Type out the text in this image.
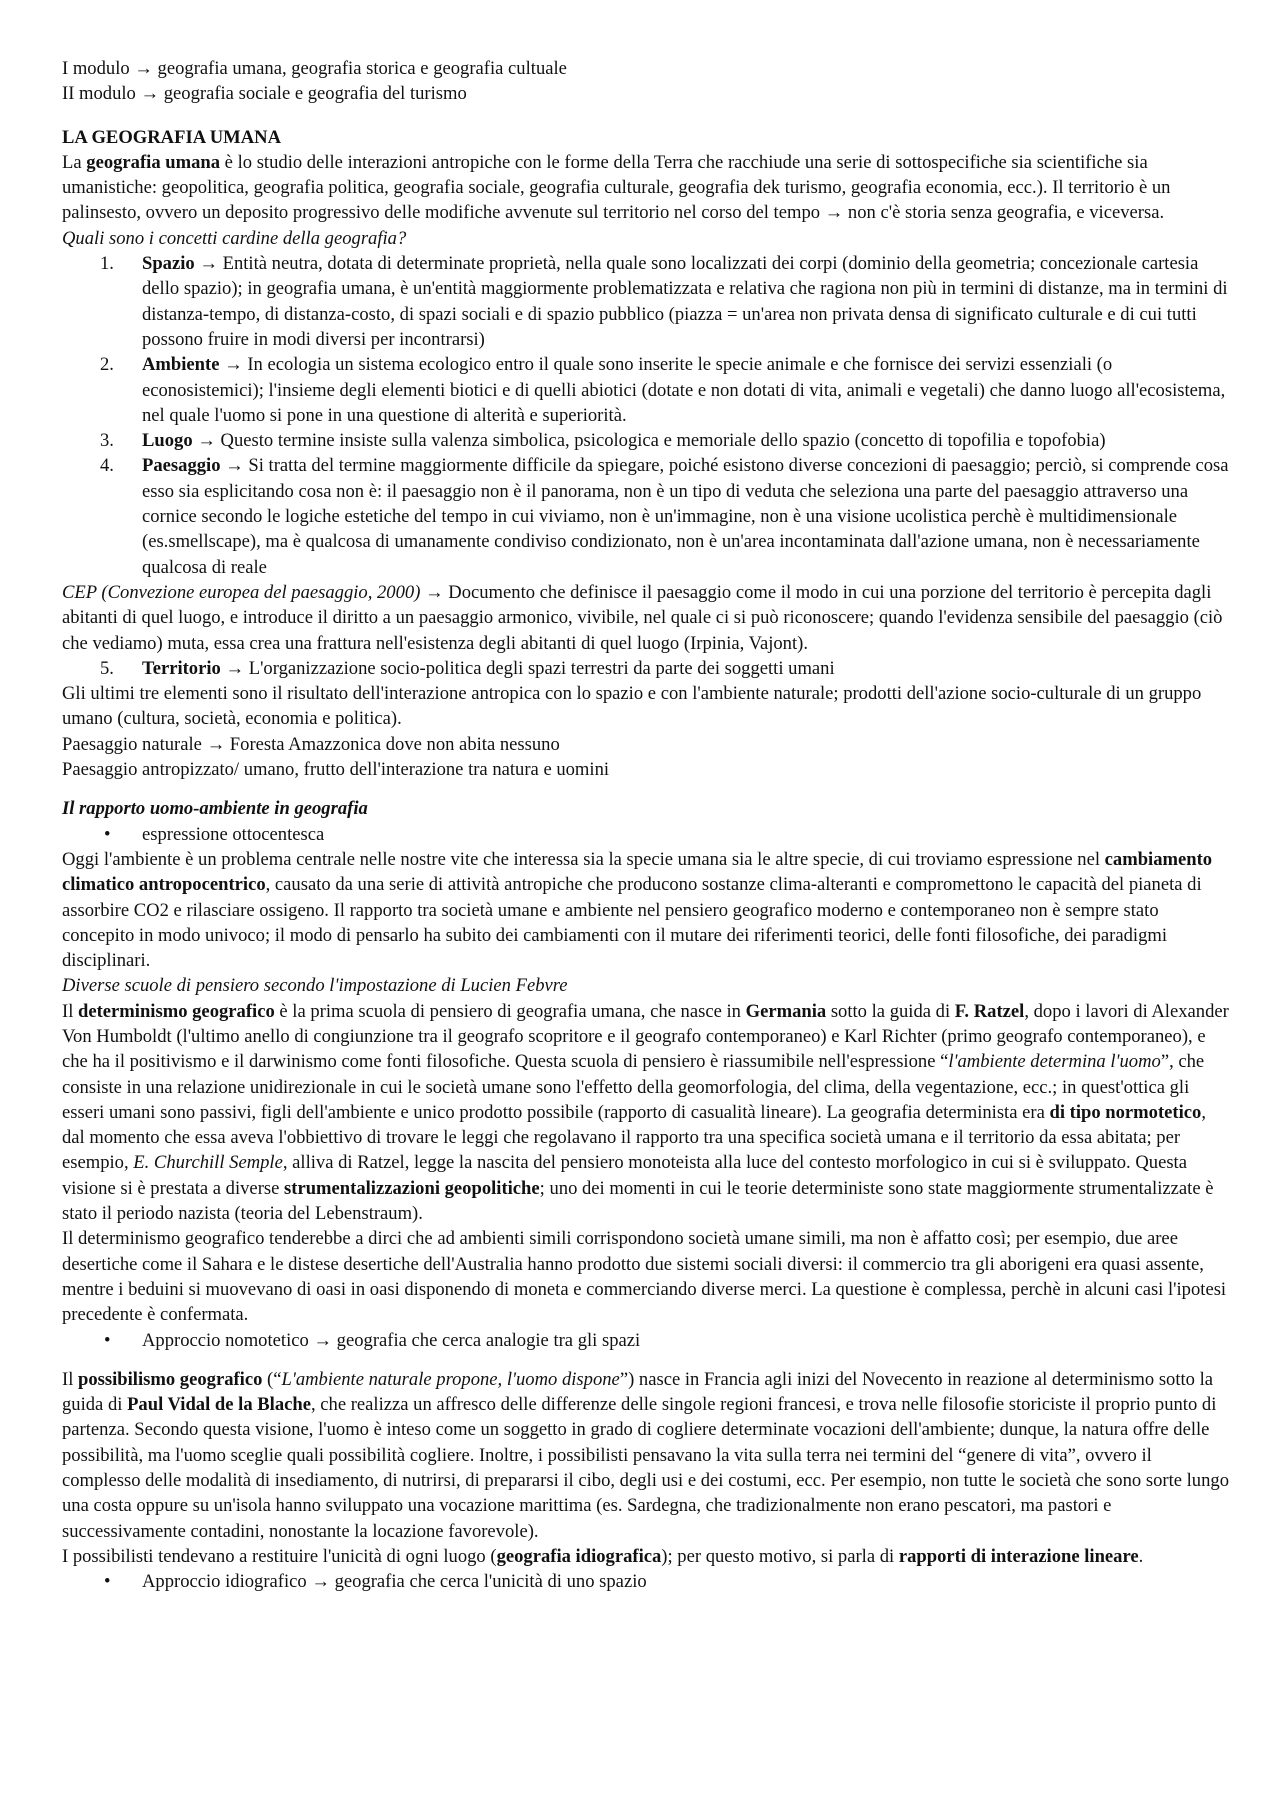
I modulo → geografia umana, geografia storica e geografia cultuale

II modulo → geografia sociale e geografia del turismo

LA GEOGRAFIA UMANA

La geografia umana è lo studio delle interazioni antropiche con le forme della Terra che racchiude una serie di sottospecifiche sia scientifiche sia umanistiche: geopolitica, geografia politica, geografia sociale, geografia culturale, geografia dek turismo, geografia economia, ecc.). Il territorio è un palinsesto, ovvero un deposito progressivo delle modifiche avvenute sul territorio nel corso del tempo → non c'è storia senza geografia, e viceversa.

Quali sono i concetti cardine della geografia?

1.	Spazio → Entità neutra, dotata di determinate proprietà, nella quale sono localizzati dei corpi (dominio della geometria; concezionale cartesia dello spazio); in geografia umana, è un'entità maggiormente problematizzata e relativa che ragiona non più in termini di distanze, ma in termini di distanza-tempo, di distanza-costo, di spazi sociali e di spazio pubblico (piazza = un'area non privata densa di significato culturale e di cui tutti possono fruire in modi diversi per incontrarsi)
2.	Ambiente → In ecologia un sistema ecologico entro il quale sono inserite le specie animale e che fornisce dei servizi essenziali (o econosistemici); l'insieme degli elementi biotici e di quelli abiotici (dotate e non dotati di vita, animali e vegetali) che danno luogo all'ecosistema, nel quale l'uomo si pone in una questione di alterità e superiorità.
3.	Luogo → Questo termine insiste sulla valenza simbolica, psicologica e memoriale dello spazio (concetto di topofilia e topofobia)
4.	Paesaggio → Si tratta del termine maggiormente difficile da spiegare, poiché esistono diverse concezioni di paesaggio; perciò, si comprende cosa esso sia esplicitando cosa non è: il paesaggio non è il panorama, non è un tipo di veduta che seleziona una parte del paesaggio attraverso una cornice secondo le logiche estetiche del tempo in cui viviamo, non è un'immagine, non è una visione ucolistica perchè è multidimensionale (es.smellscape), ma è qualcosa di umanamente condiviso condizionato, non è un'area incontaminata dall'azione umana, non è necessariamente qualcosa di reale

CEP (Convezione europea del paesaggio, 2000) → Documento che definisce il paesaggio come il modo in cui una porzione del territorio è percepita dagli abitanti di quel luogo, e introduce il diritto a un paesaggio armonico, vivibile, nel quale ci si può riconoscere; quando l'evidenza sensibile del paesaggio (ciò che vediamo) muta, essa crea una frattura nell'esistenza degli abitanti di quel luogo (Irpinia, Vajont).

5.	Territorio → L'organizzazione socio-politica degli spazi terrestri da parte dei soggetti umani

Gli ultimi tre elementi sono il risultato dell'interazione antropica con lo spazio e con l'ambiente naturale; prodotti dell'azione socio-culturale di un gruppo umano (cultura, società, economia e politica).

Paesaggio naturale → Foresta Amazzonica dove non abita nessuno

Paesaggio antropizzato/ umano, frutto dell'interazione tra natura e uomini

Il rapporto uomo-ambiente in geografia

•	espressione ottocentesca

Oggi l'ambiente è un problema centrale nelle nostre vite che interessa sia la specie umana sia le altre specie, di cui troviamo espressione nel cambiamento climatico antropocentrico, causato da una serie di attività antropiche che producono sostanze clima-alteranti e compromettono le capacità del pianeta di assorbire CO2 e rilasciare ossigeno. Il rapporto tra società umane e ambiente nel pensiero geografico moderno e contemporaneo non è sempre stato concepito in modo univoco; il modo di pensarlo ha subito dei cambiamenti con il mutare dei riferimenti teorici, delle fonti filosofiche, dei paradigmi disciplinari.

Diverse scuole di pensiero secondo l'impostazione di Lucien Febvre

Il determinismo geografico è la prima scuola di pensiero di geografia umana, che nasce in Germania sotto la guida di F. Ratzel, dopo i lavori di Alexander Von Humboldt (l'ultimo anello di congiunzione tra il geografo scopritore e il geografo contemporaneo) e Karl Richter (primo geografo contemporaneo), e che ha il positivismo e il darwinismo come fonti filosofiche. Questa scuola di pensiero è riassumibile nell'espressione “l'ambiente determina l'uomo”, che consiste in una relazione unidirezionale in cui le società umane sono l'effetto della geomorfologia, del clima, della vegentazione, ecc.; in quest'ottica gli esseri umani sono passivi, figli dell'ambiente e unico prodotto possibile (rapporto di casualità lineare). La geografia determinista era di tipo normotetico, dal momento che essa aveva l'obbiettivo di trovare le leggi che regolavano il rapporto tra una specifica società umana e il territorio da essa abitata; per esempio, E. Churchill Semple, alliva di Ratzel, legge la nascita del pensiero monoteista alla luce del contesto morfologico in cui si è sviluppato. Questa visione si è prestata a diverse strumentalizzazioni geopolitiche; uno dei momenti in cui le teorie deterministe sono state maggiormente strumentalizzate è stato il periodo nazista (teoria del Lebenstraum).

Il determinismo geografico tenderebbe a dirci che ad ambienti simili corrispondono società umane simili, ma non è affatto così; per esempio, due aree desertiche come il Sahara e le distese desertiche dell'Australia hanno prodotto due sistemi sociali diversi: il commercio tra gli aborigeni era quasi assente, mentre i beduini si muovevano di oasi in oasi disponendo di moneta e commerciando diverse merci. La questione è complessa, perchè in alcuni casi l'ipotesi precedente è confermata.

•	Approccio nomotetico → geografia che cerca analogie tra gli spazi

Il possibilismo geografico (“L'ambiente naturale propone, l'uomo dispone”) nasce in Francia agli inizi del Novecento in reazione al determinismo sotto la guida di Paul Vidal de la Blache, che realizza un affresco delle differenze delle singole regioni francesi, e trova nelle filosofie storiciste il proprio punto di partenza. Secondo questa visione, l'uomo è inteso come un soggetto in grado di cogliere determinate vocazioni dell'ambiente; dunque, la natura offre delle possibilità, ma l'uomo sceglie quali possibilità cogliere. Inoltre, i possibilisti pensavano la vita sulla terra nei termini del “genere di vita”, ovvero il complesso delle modalità di insediamento, di nutrirsi, di prepararsi il cibo, degli usi e dei costumi, ecc. Per esempio, non tutte le società che sono sorte lungo una costa oppure su un'isola hanno sviluppato una vocazione marittima (es. Sardegna, che tradizionalmente non erano pescatori, ma pastori e successivamente contadini, nonostante la locazione favorevole).

I possibilisti tendevano a restituire l'unicità di ogni luogo (geografia idiografica); per questo motivo, si parla di rapporti di interazione lineare.

•	Approccio idiografico → geografia che cerca l'unicità di uno spazio
